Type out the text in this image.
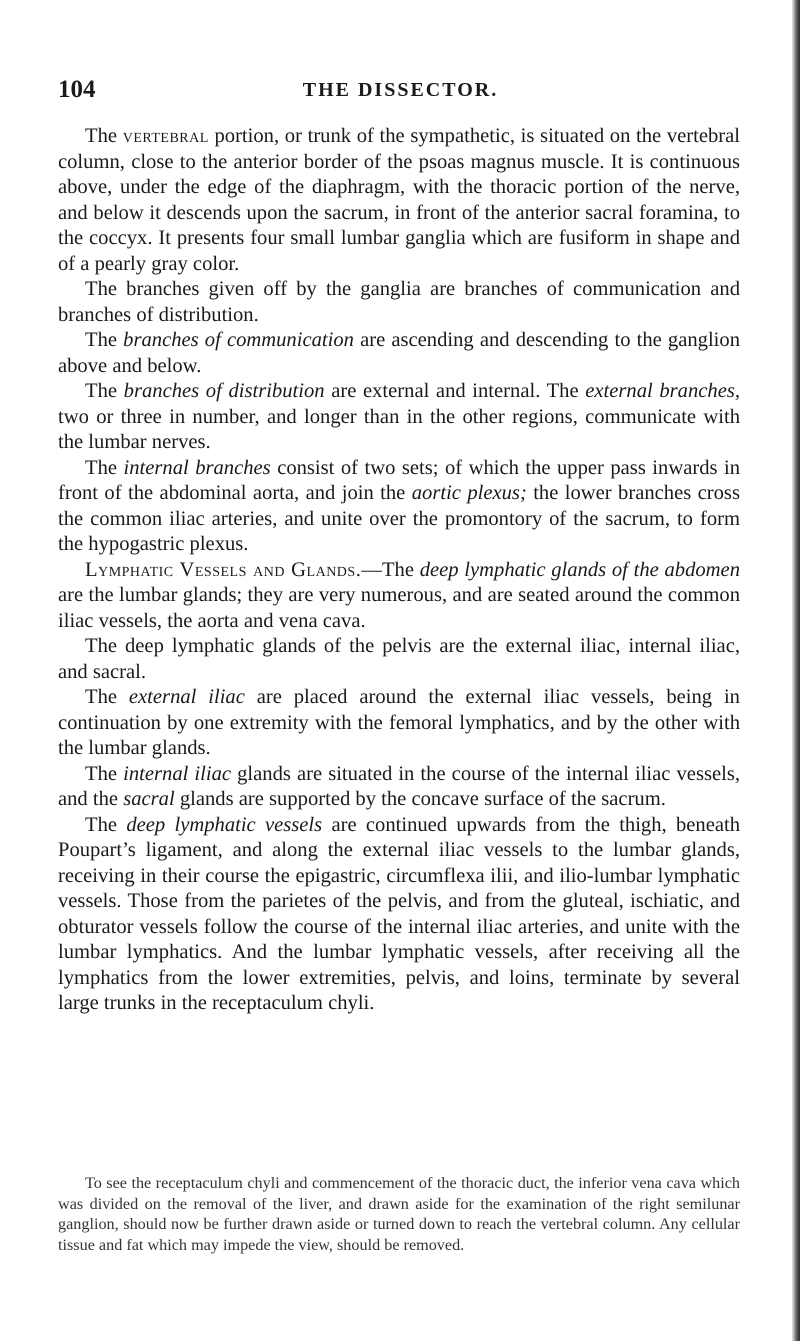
104	THE DISSECTOR.

The vertebral portion, or trunk of the sympathetic, is situated on the vertebral column, close to the anterior border of the psoas magnus muscle. It is continuous above, under the edge of the diaphragm, with the thoracic portion of the nerve, and below it descends upon the sacrum, in front of the anterior sacral foramina, to the coccyx. It presents four small lumbar ganglia which are fusiform in shape and of a pearly gray color.

The branches given off by the ganglia are branches of communication and branches of distribution.

The branches of communication are ascending and descending to the ganglion above and below.

The branches of distribution are external and internal. The external branches, two or three in number, and longer than in the other regions, communicate with the lumbar nerves.

The internal branches consist of two sets; of which the upper pass inwards in front of the abdominal aorta, and join the aortic plexus; the lower branches cross the common iliac arteries, and unite over the promontory of the sacrum, to form the hypogastric plexus.

Lymphatic Vessels and Glands.—The deep lymphatic glands of the abdomen are the lumbar glands; they are very numerous, and are seated around the common iliac vessels, the aorta and vena cava.

The deep lymphatic glands of the pelvis are the external iliac, internal iliac, and sacral.

The external iliac are placed around the external iliac vessels, being in continuation by one extremity with the femoral lymphatics, and by the other with the lumbar glands.

The internal iliac glands are situated in the course of the internal iliac vessels, and the sacral glands are supported by the concave surface of the sacrum.

The deep lymphatic vessels are continued upwards from the thigh, beneath Poupart’s ligament, and along the external iliac vessels to the lumbar glands, receiving in their course the epigastric, circumflexa ilii, and ilio-lumbar lymphatic vessels. Those from the parietes of the pelvis, and from the gluteal, ischiatic, and obturator vessels follow the course of the internal iliac arteries, and unite with the lumbar lymphatics. And the lumbar lymphatic vessels, after receiving all the lymphatics from the lower extremities, pelvis, and loins, terminate by several large trunks in the receptaculum chyli.

To see the receptaculum chyli and commencement of the thoracic duct, the inferior vena cava which was divided on the removal of the liver, and drawn aside for the examination of the right semilunar ganglion, should now be further drawn aside or turned down to reach the vertebral column. Any cellular tissue and fat which may impede the view, should be removed.
